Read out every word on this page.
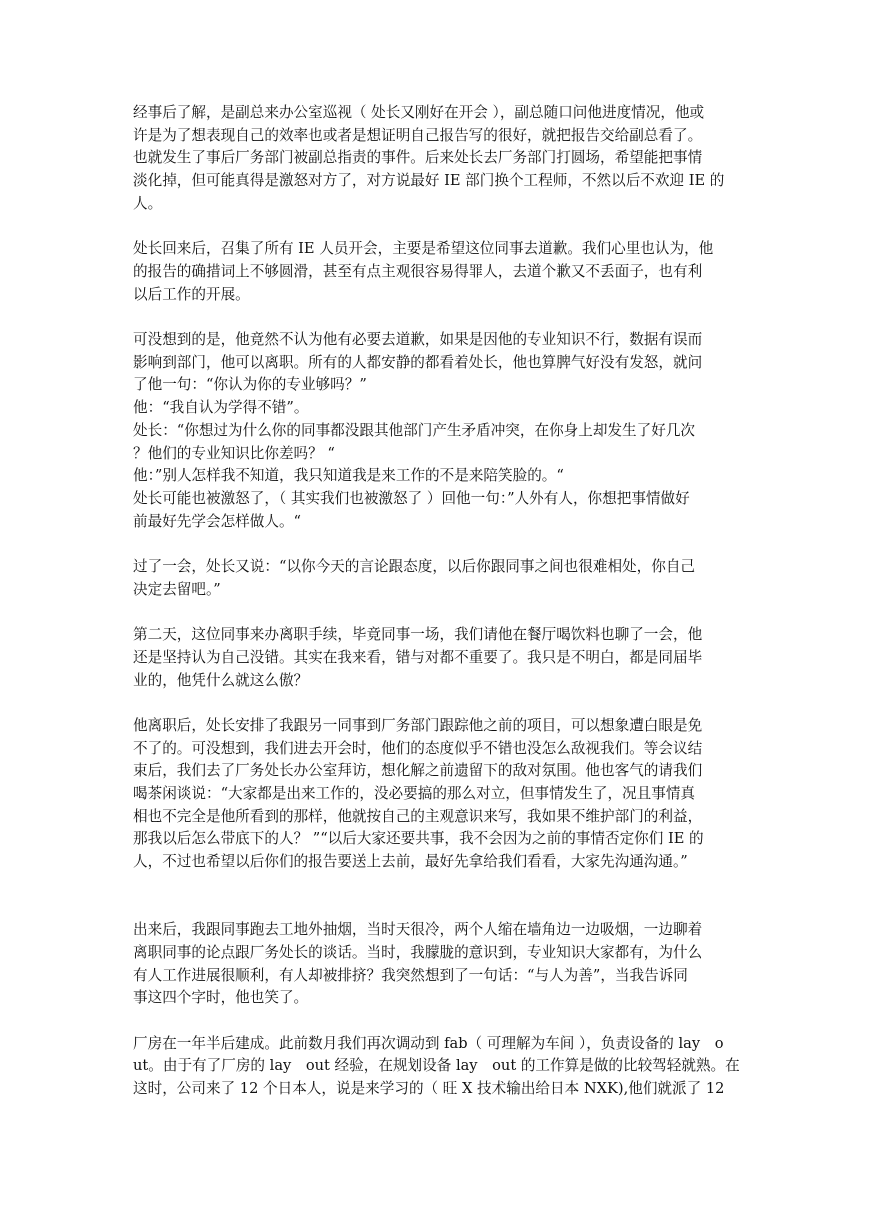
经事后了解，是副总来办公室巡视（ 处长又刚好在开会 ），副总随口问他进度情况，他或
许是为了想表现自己的效率也或者是想证明自己报告写的很好，就把报告交给副总看了。
也就发生了事后厂务部门被副总指责的事件。后来处长去厂务部门打圆场，希望能把事情
淡化掉，但可能真得是激怒对方了，对方说最好 IE 部门换个工程师，不然以后不欢迎 IE 的
人。

处长回来后，召集了所有 IE 人员开会，主要是希望这位同事去道歉。我们心里也认为，他
的报告的确措词上不够圆滑，甚至有点主观很容易得罪人，去道个歉又不丢面子，也有利
以后工作的开展。

可没想到的是，他竟然不认为他有必要去道歉，如果是因他的专业知识不行，数据有误而
影响到部门，他可以离职。所有的人都安静的都看着处长，他也算脾气好没有发怒，就问
了他一句：“你认为你的专业够吗？”
他：“我自认为学得不错”。
处长：“你想过为什么你的同事都没跟其他部门产生矛盾冲突，在你身上却发生了好几次
？他们的专业知识比你差吗？ “
他：”别人怎样我不知道，我只知道我是来工作的不是来陪笑脸的。“
处长可能也被激怒了，（ 其实我们也被激怒了 ）回他一句：”人外有人，你想把事情做好
前最好先学会怎样做人。“

过了一会，处长又说：“以你今天的言论跟态度，以后你跟同事之间也很难相处，你自己
决定去留吧。”

第二天，这位同事来办离职手续，毕竟同事一场，我们请他在餐厅喝饮料也聊了一会，他
还是坚持认为自己没错。其实在我来看，错与对都不重要了。我只是不明白，都是同届毕
业的，他凭什么就这么傲？

他离职后，处长安排了我跟另一同事到厂务部门跟踪他之前的项目，可以想象遭白眼是免
不了的。可没想到，我们进去开会时，他们的态度似乎不错也没怎么敌视我们。等会议结
束后，我们去了厂务处长办公室拜访，想化解之前遗留下的敌对氛围。他也客气的请我们
喝茶闲谈说：“大家都是出来工作的，没必要搞的那么对立，但事情发生了，况且事情真
相也不完全是他所看到的那样，他就按自己的主观意识来写，我如果不维护部门的利益，
那我以后怎么带底下的人？ ”“以后大家还要共事，我不会因为之前的事情否定你们 IE 的
人，不过也希望以后你们的报告要送上去前，最好先拿给我们看看，大家先沟通沟通。”

出来后，我跟同事跑去工地外抽烟，当时天很冷，两个人缩在墙角边一边吸烟，一边聊着
离职同事的论点跟厂务处长的谈话。当时，我朦胧的意识到，专业知识大家都有，为什么
有人工作进展很顺利，有人却被排挤？我突然想到了一句话：“与人为善”，当我告诉同
事这四个字时，他也笑了。

厂房在一年半后建成。此前数月我们再次调动到 fab（ 可理解为车间 ），负责设备的 lay　o
ut。由于有了厂房的 lay　out 经验，在规划设备 lay　out 的工作算是做的比较驾轻就熟。在
这时，公司来了 12 个日本人，说是来学习的（ 旺 X 技术输出给日本 NXK),他们就派了 12
